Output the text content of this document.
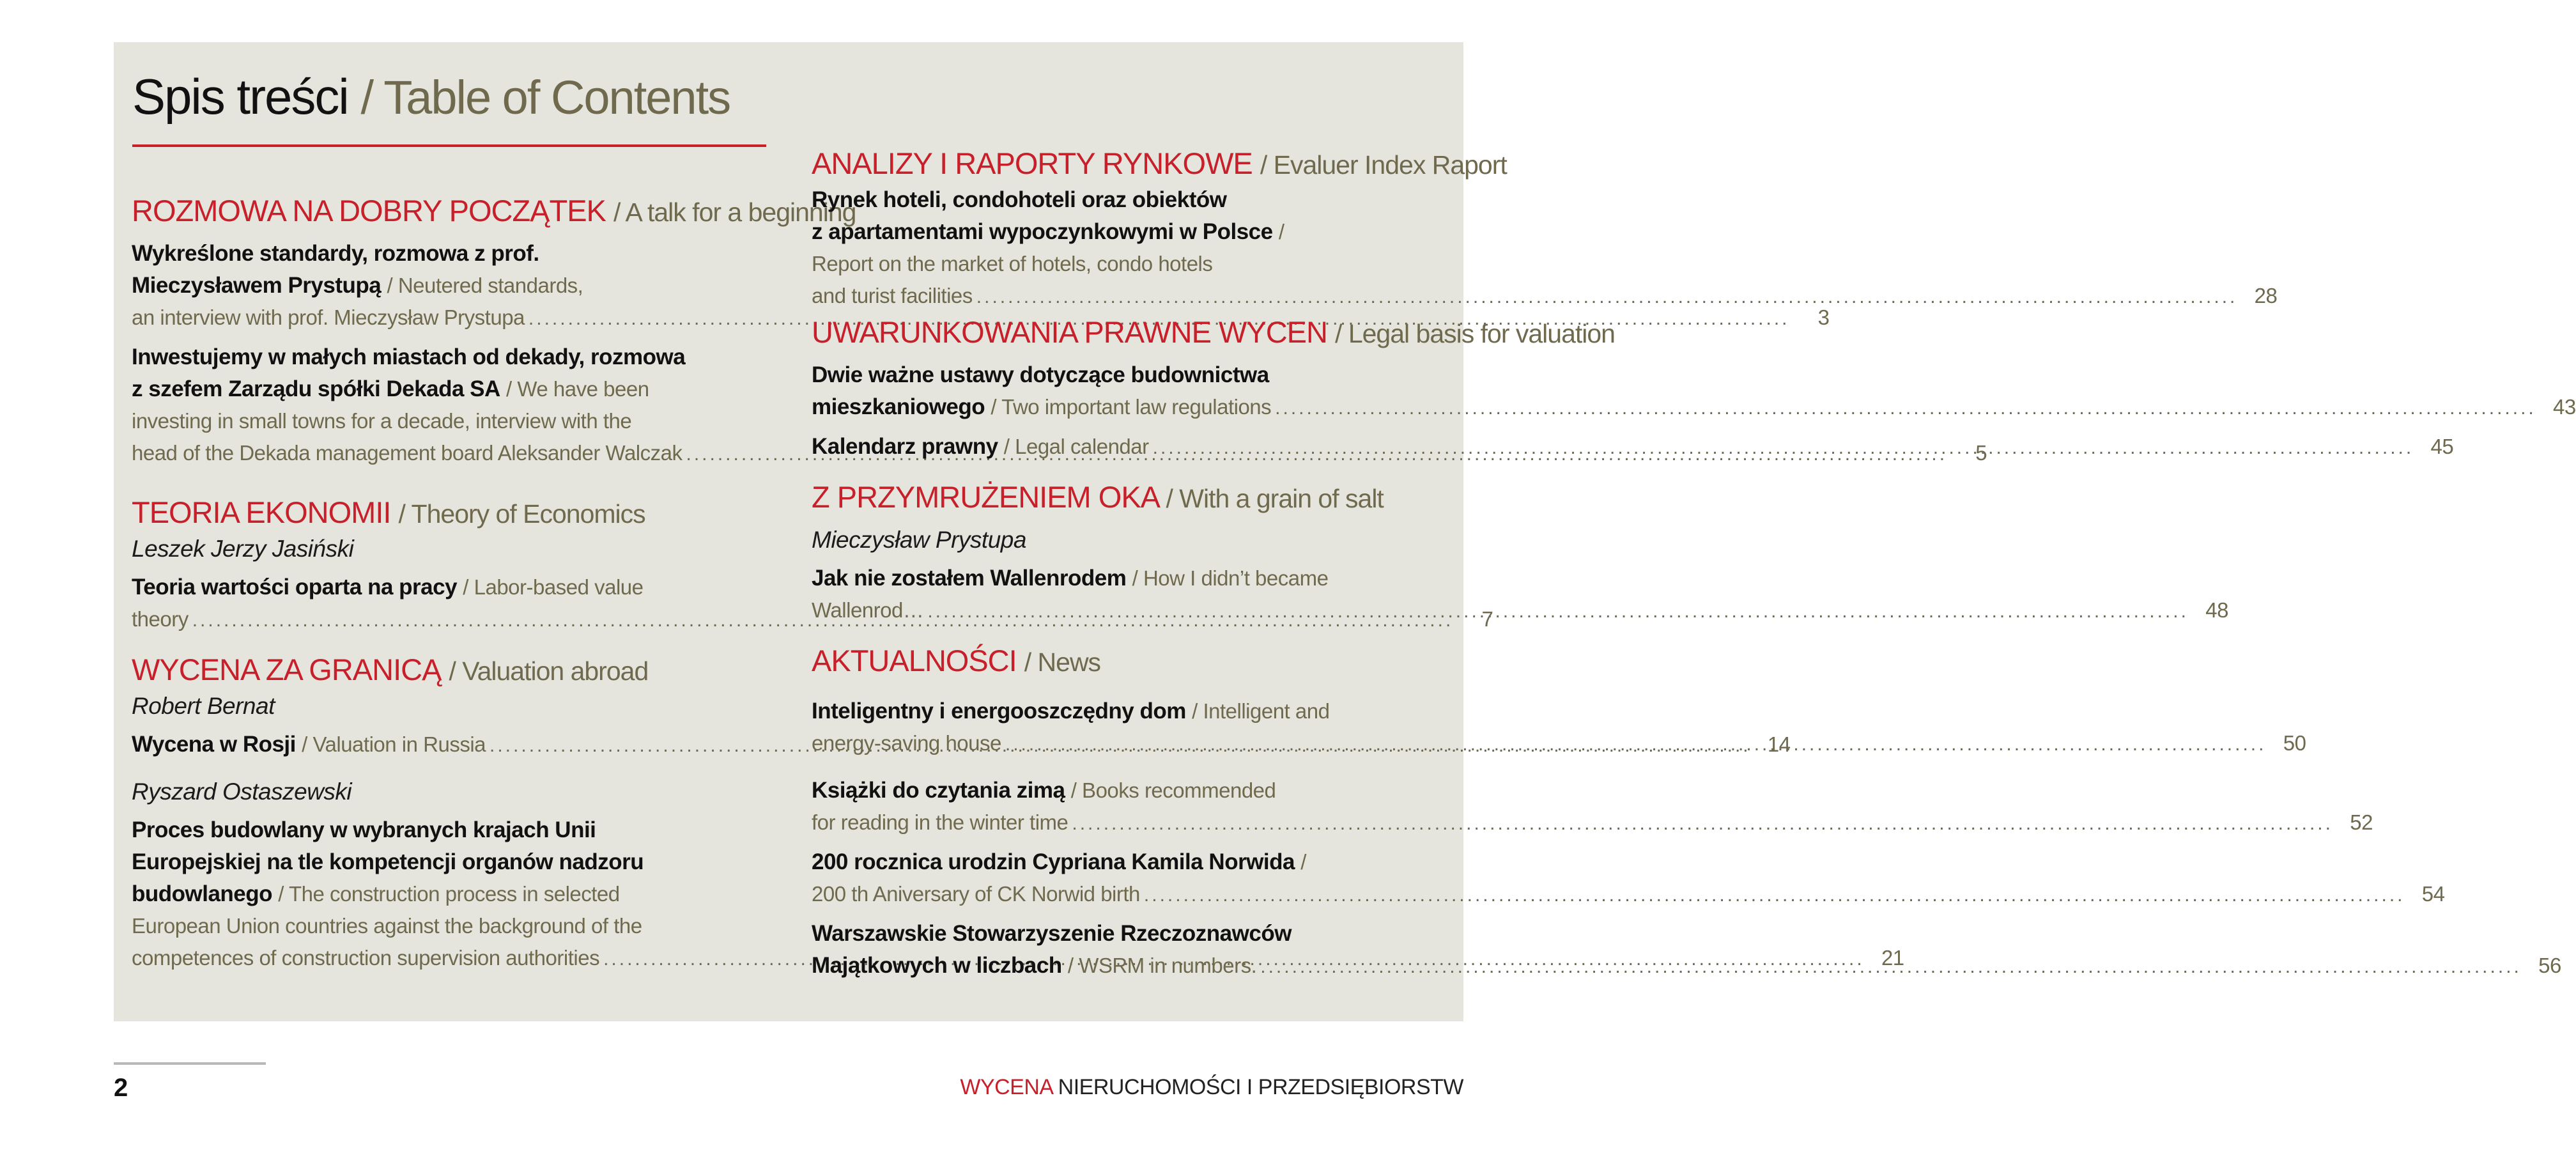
Spis treści / Table of Contents
ROZMOWA NA DOBRY POCZĄTEK / A talk for a beginning
Wykreślone standardy, rozmowa z prof.
Mieczysławem Prystupą / Neutered standards,
an interview with prof. Mieczysław Prystupa .....	3
Inwestujemy w małych miastach od dekady, rozmowa
z szefem Zarządu spółki Dekada SA / We have been
investing in small towns for a decade, interview with the
head of the Dekada management board Aleksander Walczak .....	5
TEORIA EKONOMII / Theory of Economics
Leszek Jerzy Jasiński
Teoria wartości oparta na pracy / Labor-based value
theory .....	7
WYCENA ZA GRANICĄ / Valuation abroad
Robert Bernat
Wycena w Rosji
/ Valuation in Russia .....	14
Ryszard Ostaszewski
Proces budowlany w wybranych krajach Unii
Europejskiej na tle kompetencji organów nadzoru
budowlanego / The construction process in selected
European Union countries against the background of the
competences of construction supervision authorities .....	21
ANALIZY I RAPORTY RYNKOWE / Evaluer Index Raport
Rynek hoteli, condohoteli oraz obiektów
z apartamentami wypoczynkowymi w Polsce /
Report on the market of hotels, condo hotels
and turist facilities .....	28
UWARUNKOWANIA PRAWNE WYCEN / Legal basis for valuation
Dwie ważne ustawy dotyczące budownictwa
mieszkaniowego
/ Two important law regulations .....	43
Kalendarz prawny
/ Legal calendar .....	45
Z PRZYMRUŻENIEM OKA / With a grain of salt
Mieczysław Prystupa
Jak nie zostałem Wallenrodem / How I didn’t became
Wallenrod… .....	48
AKTUALNOŚCI / News
Inteligentny i energooszczędny dom / Intelligent and
energy-saving house .....	50
Książki do czytania zimą / Books recommended
for reading in the winter time .....	52
200 rocznica urodzin Cypriana Kamila Norwida /
200 th Aniversary of CK Norwid birth .....	54
Warszawskie Stowarzyszenie Rzeczoznawców
Majątkowych w liczbach
/ WSRM in numbers. .....	56
2	WYCENA NIERUCHOMOŚCI I PRZEDSIĘBIORSTW
